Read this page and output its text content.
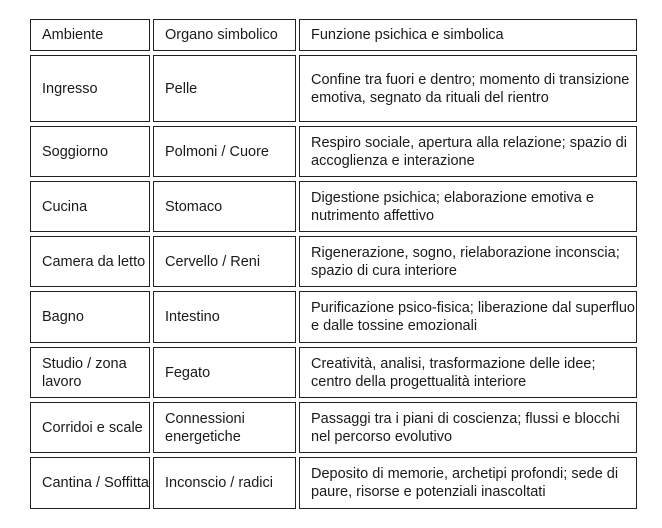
Ambiente	Organo simbolico	Funzione psichica e simbolica
Ingresso	Pelle	Confine tra fuori e dentro; momento di transizione emotiva, segnato da rituali del rientro
Soggiorno	Polmoni / Cuore	Respiro sociale, apertura alla relazione; spazio di accoglienza e interazione
Cucina	Stomaco	Digestione psichica; elaborazione emotiva e nutrimento affettivo
Camera da letto	Cervello / Reni	Rigenerazione, sogno, rielaborazione inconscia; spazio di cura interiore
Bagno	Intestino	Purificazione psico-fisica; liberazione dal superfluo e dalle tossine emozionali
Studio / zona lavoro	Fegato	Creatività, analisi, trasformazione delle idee; centro della progettualità interiore
Corridoi e scale	Connessioni energetiche	Passaggi tra i piani di coscienza; flussi e blocchi nel percorso evolutivo
Cantina / Soffitta	Inconscio / radici	Deposito di memorie, archetipi profondi; sede di paure, risorse e potenziali inascoltati
